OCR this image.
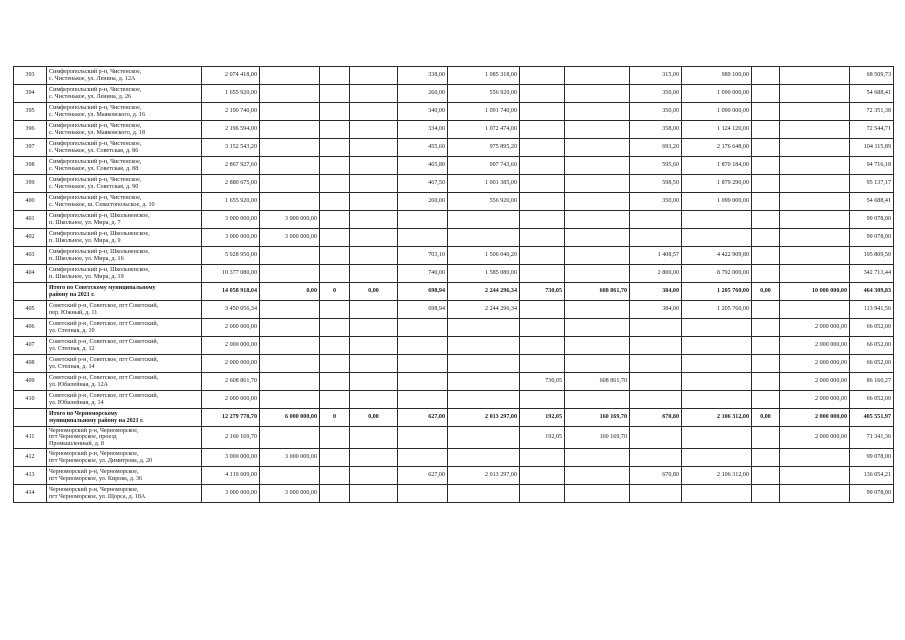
393	Симферопольский р-н, Чистенское,
с. Чистенькое, ул. Ленина, д. 12А	2 074 418,00				338,00	1 085 318,00			315,00	989 100,00			68 509,73
394	Симферопольский р-н, Чистенское,
с. Чистенькое, ул. Ленина, д. 26	1 655 920,00				260,00	556 920,00			350,00	1 099 000,00			54 688,41
395	Симферопольский р-н, Чистенское,
с. Чистенькое, ул. Маяковского, д. 16	2 190 740,00				340,00	1 091 740,00			350,00	1 099 000,00			72 351,38
396	Симферопольский р-н, Чистенское,
с. Чистенькое, ул. Маяковского, д. 18	2 196 594,00				334,00	1 072 474,00			358,00	1 124 120,00			72 544,71
397	Симферопольский р-н, Чистенское,
с. Чистенькое, ул. Советская, д. 86	3 152 543,20				455,60	975 895,20			693,20	2 176 648,00			104 115,89
398	Симферопольский р-н, Чистенское,
с. Чистенькое, ул. Советская, д. 88	2 867 927,60				465,80	997 743,60			595,60	1 870 184,00			94 716,18
399	Симферопольский р-н, Чистенское,
с. Чистенькое, ул. Советская, д. 90	2 880 675,00				467,50	1 001 385,00			598,50	1 879 290,00			95 137,17
400	Симферопольский р-н, Чистенское,
с. Чистенькое, ш. Севастопольское, д. 10	1 655 920,00				260,00	556 920,00			350,00	1 099 000,00			54 688,41
401	Симферопольский р-н, Школьненское,
п. Школьное, ул. Мира, д. 7	3 000 000,00	3 000 000,00											99 078,00
402	Симферопольский р-н, Школьненское,
п. Школьное, ул. Мира, д. 9	3 000 000,00	3 000 000,00											99 078,00
403	Симферопольский р-н, Школьненское,
п. Школьное, ул. Мира, д. 16	5 928 950,00				703,10	1 506 040,20			1 408,57	4 422 909,80			195 809,50
404	Симферопольский р-н, Школьненское,
п. Школьное, ул. Мира, д. 19	10 377 080,00				740,00	1 585 080,00			2 800,00	8 792 000,00			342 713,44

	Итого по Советскому муниципальному
району на 2021 г.	14 058 918,04	0,00	0	0,00	698,94	2 244 296,34	730,05	608 861,70	384,00	1 205 760,00	0,00	10 000 000,00	464 309,83
405	Советский р-н, Советское, пгт Советский,
пер. Южный, д. 11	3 450 056,34				698,94	2 244 296,34			384,00	1 205 760,00			113 941,56
406	Советский р-н, Советское, пгт Советский,
ул. Степная, д. 10	2 000 000,00											2 000 000,00	66 052,00
407	Советский р-н, Советское, пгт Советский,
ул. Степная, д. 12	2 000 000,00											2 000 000,00	66 052,00
408	Советский р-н, Советское, пгт Советский,
ул. Степная, д. 14	2 000 000,00											2 000 000,00	66 052,00
409	Советский р-н, Советское, пгт Советский,
ул. Юбилейная, д. 12А	2 608 861,70						730,05	608 861,70				2 000 000,00	86 160,27
410	Советский р-н, Советское, пгт Советский,
ул. Юбилейная, д. 14	2 000 000,00											2 000 000,00	66 052,00

	Итого по Черноморскому
муниципальному району на 2021 г.	12 279 778,70	6 000 000,00	0	0,00	627,00	2 013 297,00	192,05	160 169,70	670,80	2 106 312,00	0,00	2 000 000,00	405 551,97
411	Черноморский р-н, Черноморское,
пгт Черноморское, проезд
Промышленный, д. 8	2 160 169,70						192,05	160 169,70				2 000 000,00	71 341,36
412	Черноморский р-н, Черноморское,
пгт Черноморское, ул. Димитрова, д. 20	3 000 000,00	3 000 000,00											99 078,00
413	Черноморский р-н, Черноморское,
пгт Черноморское, ул. Кирова, д. 36	4 119 609,00				627,00	2 013 297,00			670,80	2 106 312,00			136 054,21
414	Черноморский р-н, Черноморское,
пгт Черноморское, ул. Щорса, д. 18А	3 000 000,00	3 000 000,00											99 078,00
